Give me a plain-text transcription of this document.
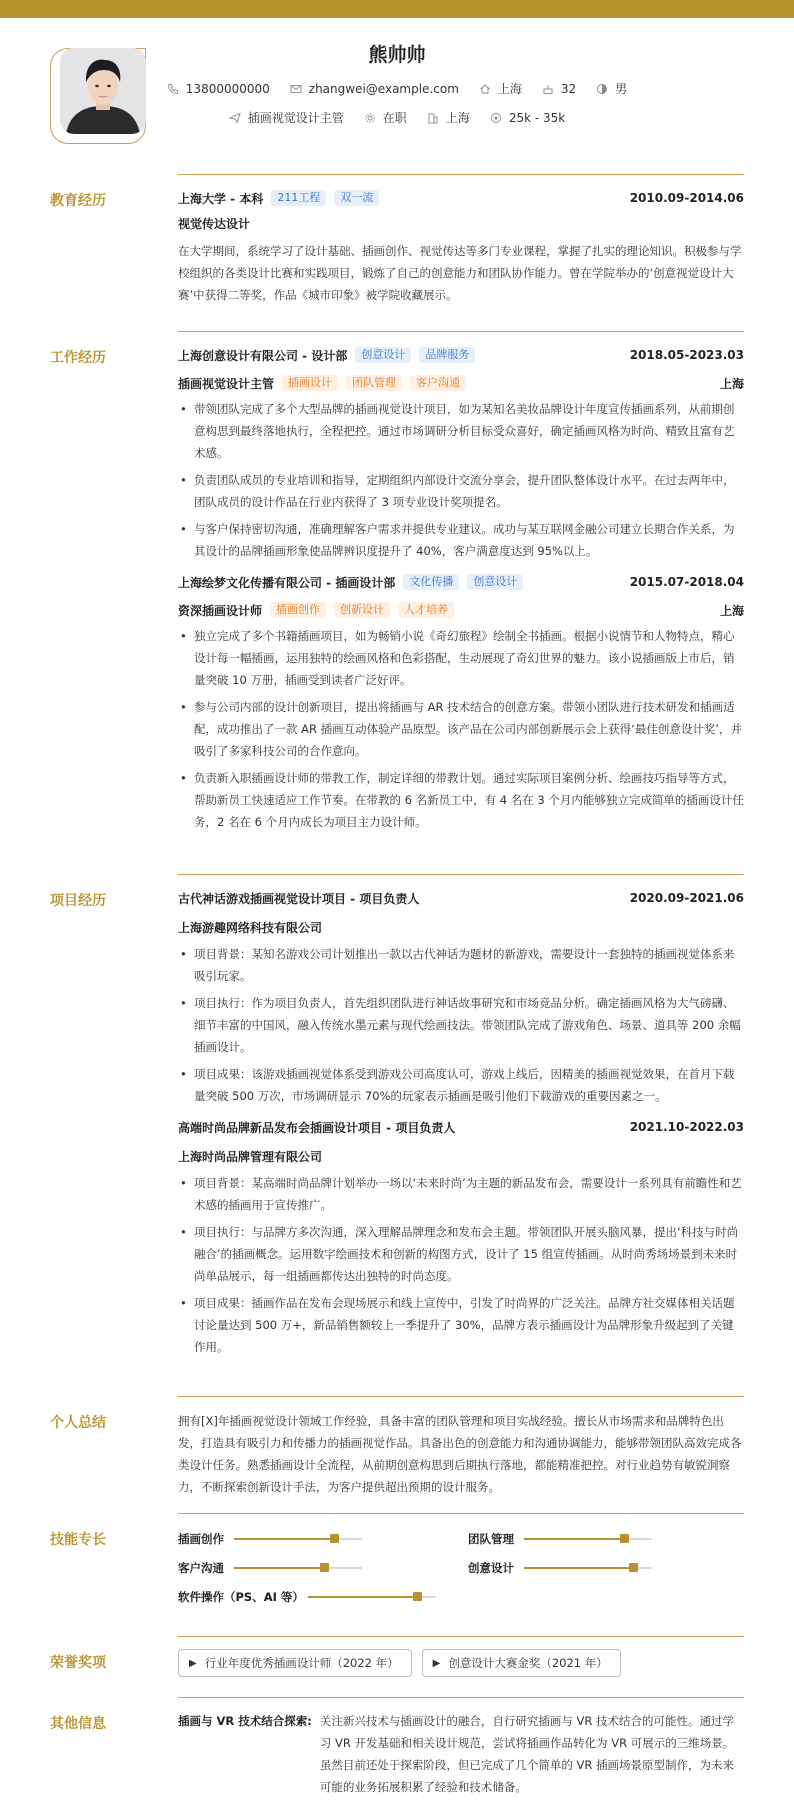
熊帅帅
13800000000	zhangwei@example.com	上海	32	男
插画视觉设计主管	在职	上海	25k - 35k
教育经历	上海大学 - 本科	211工程	双一流	2010.09-2014.06
视觉传达设计
在大学期间，系统学习了设计基础、插画创作、视觉传达等多门专业课程，掌握了扎实的理论知识。积极参与学校组织的各类设计比赛和实践项目，锻炼了自己的创意能力和团队协作能力。曾在学院举办的‘创意视觉设计大赛’中获得二等奖，作品《城市印象》被学院收藏展示。
工作经历	上海创意设计有限公司 - 设计部	创意设计	品牌服务	2018.05-2023.03
插画视觉设计主管	插画设计	团队管理	客户沟通	上海
• 带领团队完成了多个大型品牌的插画视觉设计项目，如为某知名美妆品牌设计年度宣传插画系列，从前期创意构思到最终落地执行，全程把控。通过市场调研分析目标受众喜好，确定插画风格为时尚、精致且富有艺术感。
• 负责团队成员的专业培训和指导，定期组织内部设计交流分享会，提升团队整体设计水平。在过去两年中，团队成员的设计作品在行业内获得了 3 项专业设计奖项提名。
• 与客户保持密切沟通，准确理解客户需求并提供专业建议。成功与某互联网金融公司建立长期合作关系，为其设计的品牌插画形象使品牌辨识度提升了 40%，客户满意度达到 95%以上。
上海绘梦文化传播有限公司 - 插画设计部	文化传播	创意设计	2015.07-2018.04
资深插画设计师	插画创作	创新设计	人才培养	上海
• 独立完成了多个书籍插画项目，如为畅销小说《奇幻旅程》绘制全书插画。根据小说情节和人物特点，精心设计每一幅插画，运用独特的绘画风格和色彩搭配，生动展现了奇幻世界的魅力。该小说插画版上市后，销量突破 10 万册，插画受到读者广泛好评。
• 参与公司内部的设计创新项目，提出将插画与 AR 技术结合的创意方案。带领小团队进行技术研发和插画适配，成功推出了一款 AR 插画互动体验产品原型。该产品在公司内部创新展示会上获得‘最佳创意设计奖’，并吸引了多家科技公司的合作意向。
• 负责新入职插画设计师的带教工作，制定详细的带教计划。通过实际项目案例分析、绘画技巧指导等方式，帮助新员工快速适应工作节奏。在带教的 6 名新员工中，有 4 名在 3 个月内能够独立完成简单的插画设计任务，2 名在 6 个月内成长为项目主力设计师。
项目经历	古代神话游戏插画视觉设计项目 - 项目负责人	2020.09-2021.06
上海游趣网络科技有限公司
• 项目背景：某知名游戏公司计划推出一款以古代神话为题材的新游戏，需要设计一套独特的插画视觉体系来吸引玩家。
• 项目执行：作为项目负责人，首先组织团队进行神话故事研究和市场竞品分析。确定插画风格为大气磅礴、细节丰富的中国风，融入传统水墨元素与现代绘画技法。带领团队完成了游戏角色、场景、道具等 200 余幅插画设计。
• 项目成果：该游戏插画视觉体系受到游戏公司高度认可，游戏上线后，因精美的插画视觉效果，在首月下载量突破 500 万次，市场调研显示 70%的玩家表示插画是吸引他们下载游戏的重要因素之一。
高端时尚品牌新品发布会插画设计项目 - 项目负责人	2021.10-2022.03
上海时尚品牌管理有限公司
• 项目背景：某高端时尚品牌计划举办一场以‘未来时尚’为主题的新品发布会，需要设计一系列具有前瞻性和艺术感的插画用于宣传推广。
• 项目执行：与品牌方多次沟通，深入理解品牌理念和发布会主题。带领团队开展头脑风暴，提出‘科技与时尚融合’的插画概念。运用数字绘画技术和创新的构图方式，设计了 15 组宣传插画。从时尚秀场场景到未来时尚单品展示，每一组插画都传达出独特的时尚态度。
• 项目成果：插画作品在发布会现场展示和线上宣传中，引发了时尚界的广泛关注。品牌方社交媒体相关话题讨论量达到 500 万+，新品销售额较上一季提升了 30%，品牌方表示插画设计为品牌形象升级起到了关键作用。
个人总结	拥有[X]年插画视觉设计领域工作经验，具备丰富的团队管理和项目实战经验。擅长从市场需求和品牌特色出发，打造具有吸引力和传播力的插画视觉作品。具备出色的创意能力和沟通协调能力，能够带领团队高效完成各类设计任务。熟悉插画设计全流程，从前期创意构思到后期执行落地，都能精准把控。对行业趋势有敏锐洞察力，不断探索创新设计手法，为客户提供超出预期的设计服务。
技能专长	插画创作	团队管理
客户沟通	创意设计
软件操作（PS、AI 等）
荣誉奖项	▶ 行业年度优秀插画设计师（2022 年）	▶ 创意设计大赛金奖（2021 年）
其他信息	插画与 VR 技术结合探索: 关注新兴技术与插画设计的融合，自行研究插画与 VR 技术结合的可能性。通过学习 VR 开发基础和相关设计规范，尝试将插画作品转化为 VR 可展示的三维场景。虽然目前还处于探索阶段，但已完成了几个简单的 VR 插画场景原型制作，为未来可能的业务拓展积累了经验和技术储备。
